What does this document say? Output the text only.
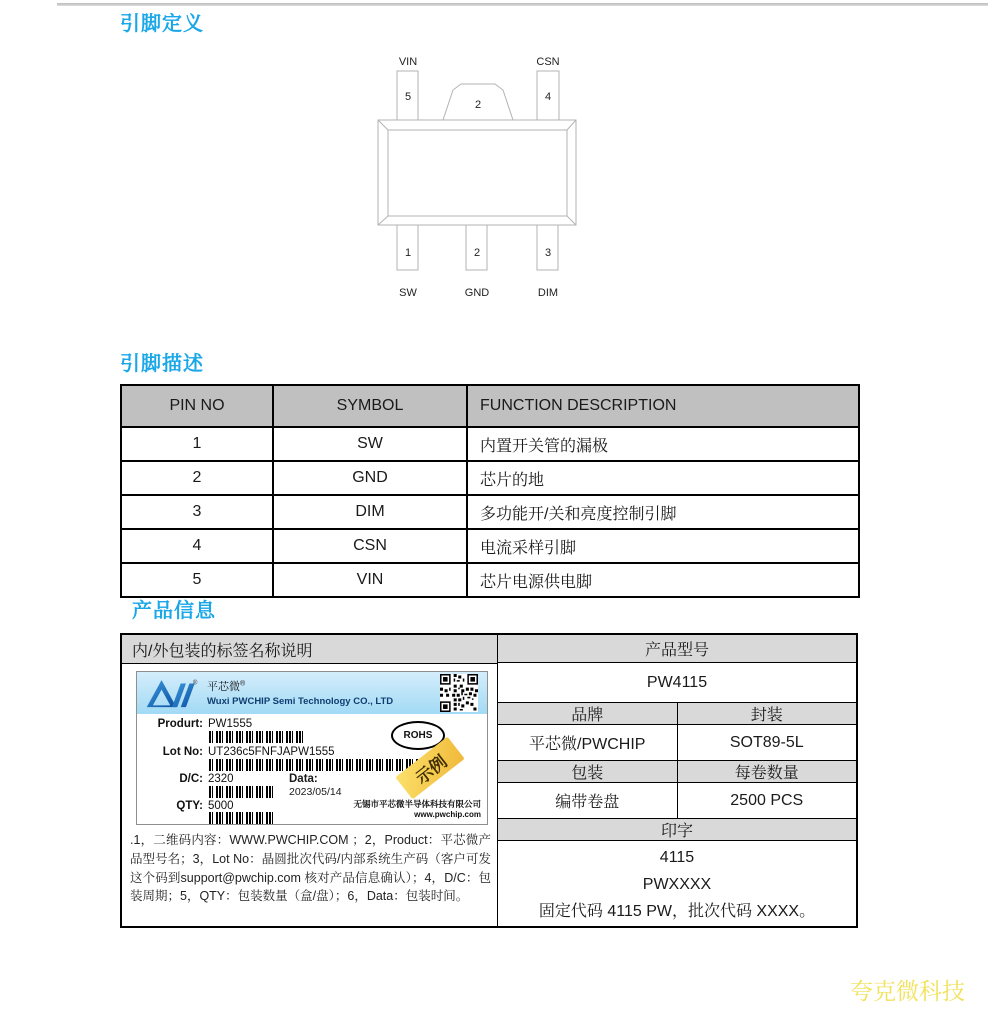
引脚定义
VIN	CSN
5	4
2
1	2	3
SW	GND	DIM
引脚描述
PIN NO	SYMBOL	FUNCTION DESCRIPTION
1	SW	内置开关管的漏极
2	GND	芯片的地
3	DIM	多功能开/关和亮度控制引脚
4	CSN	电流采样引脚
5	VIN	芯片电源供电脚
产品信息
内/外包装的标签名称说明
® 平芯微®
Wuxi PWCHIP Semi Technology CO., LTD
Produrt: PW1555
Lot No: UT236c5FNFJAPW1555
D/C: 2320	Data:
2023/05/14
QTY: 5000
ROHS
示例
无锡市平芯微半导体科技有限公司
www.pwchip.com
.1，二维码内容：WWW.PWCHIP.COM ；2，Product：平芯微产品型号名；3，Lot No：晶圆批次代码/内部系统生产码（客户可发这个码到support@pwchip.com 核对产品信息确认）；4，D/C：包装周期；5，QTY：包装数量（盒/盘）；6，Data：包装时间。
产品型号
PW4115
品牌	封装
平芯微/PWCHIP	SOT89-5L
包装	每卷数量
编带卷盘	2500 PCS
印字
4115
PWXXXX
固定代码 4115 PW，批次代码 XXXX。
夸克微科技
